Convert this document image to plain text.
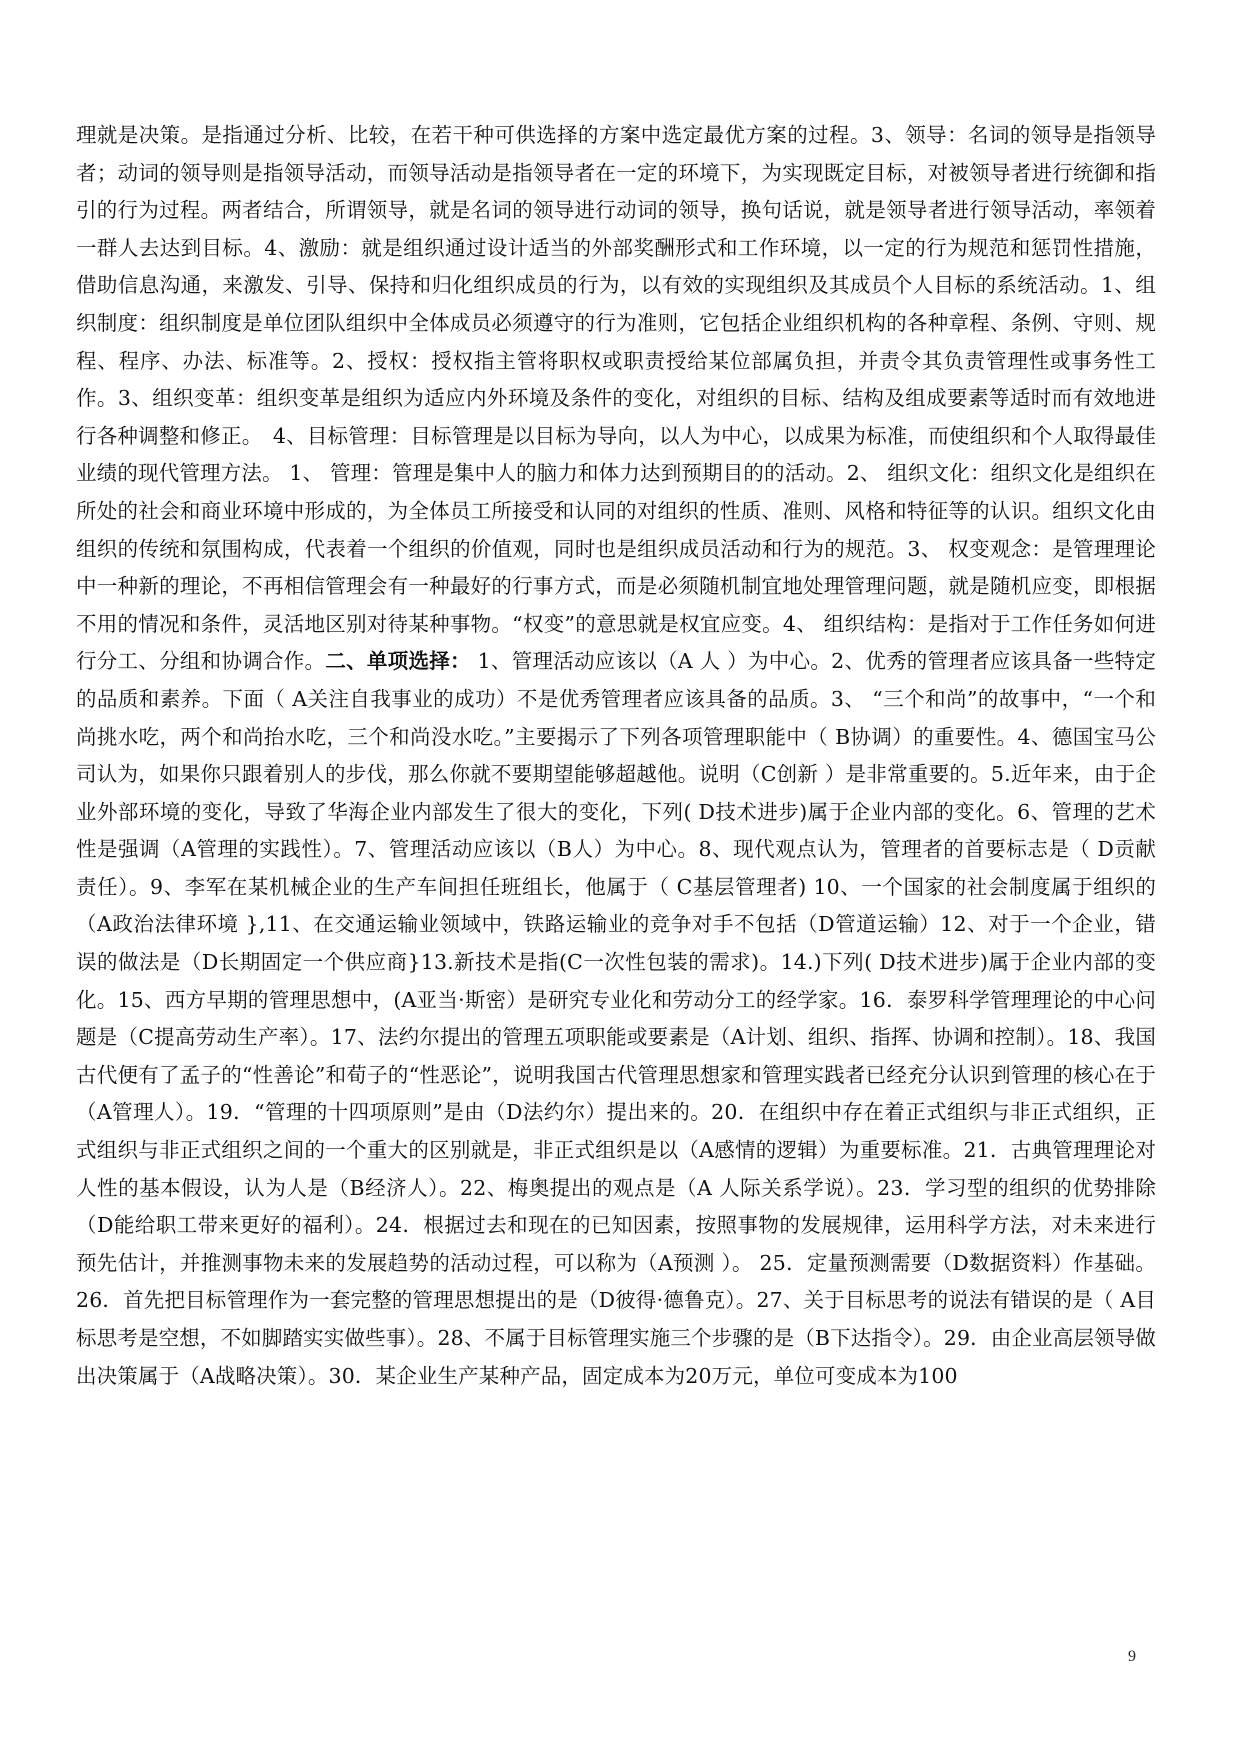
理就是决策。是指通过分析、比较，在若干种可供选择的方案中选定最优方案的过程。3、领导：名词的领导是指领导者；动词的领导则是指领导活动，而领导活动是指领导者在一定的环境下，为实现既定目标，对被领导者进行统御和指引的行为过程。两者结合，所谓领导，就是名词的领导进行动词的领导，换句话说，就是领导者进行领导活动，率领着一群人去达到目标。4、激励：就是组织通过设计适当的外部奖酬形式和工作环境，以一定的行为规范和惩罚性措施，借助信息沟通，来激发、引导、保持和归化组织成员的行为，以有效的实现组织及其成员个人目标的系统活动。1、组织制度：组织制度是单位团队组织中全体成员必须遵守的行为准则，它包括企业组织机构的各种章程、条例、守则、规程、程序、办法、标准等。2、授权：授权指主管将职权或职责授给某位部属负担，并责令其负责管理性或事务性工作。3、组织变革：组织变革是组织为适应内外环境及条件的变化，对组织的目标、结构及组成要素等适时而有效地进行各种调整和修正。　4、目标管理：目标管理是以目标为导向，以人为中心，以成果为标准，而使组织和个人取得最佳业绩的现代管理方法。 1、 管理：管理是集中人的脑力和体力达到预期目的的活动。2、 组织文化：组织文化是组织在所处的社会和商业环境中形成的，为全体员工所接受和认同的对组织的性质、准则、风格和特征等的认识。组织文化由组织的传统和氛围构成，代表着一个组织的价值观，同时也是组织成员活动和行为的规范。3、 权变观念：是管理理论中一种新的理论，不再相信管理会有一种最好的行事方式，而是必须随机制宜地处理管理问题，就是随机应变，即根据不用的情况和条件，灵活地区别对待某种事物。“权变”的意思就是权宜应变。4、 组织结构：是指对于工作任务如何进行分工、分组和协调合作。二、单项选择： 1、管理活动应该以（A 人 ）为中心。2、优秀的管理者应该具备一些特定的品质和素养。下面（ A关注自我事业的成功）不是优秀管理者应该具备的品质。3、 “三个和尚”的故事中，“一个和尚挑水吃，两个和尚抬水吃，三个和尚没水吃。”主要揭示了下列各项管理职能中（ B协调）的重要性。4、德国宝马公司认为，如果你只跟着别人的步伐，那么你就不要期望能够超越他。说明（C创新 ）是非常重要的。5.近年来，由于企业外部环境的变化，导致了华海企业内部发生了很大的变化，下列( D技术进步)属于企业内部的变化。6、管理的艺术性是强调（A管理的实践性）。7、管理活动应该以（B人）为中心。8、现代观点认为，管理者的首要标志是（ D贡献责任）。9、李军在某机械企业的生产车间担任班组长，他属于（ C基层管理者) 10、一个国家的社会制度属于组织的（A政治法律环境 },11、在交通运输业领域中，铁路运输业的竞争对手不包括（D管道运输）12、对于一个企业，错误的做法是（D长期固定一个供应商}13.新技术是指(C一次性包装的需求)。14.)下列( D技术进步)属于企业内部的变化。15、西方早期的管理思想中，(A亚当·斯密）是研究专业化和劳动分工的经学家。16．泰罗科学管理理论的中心问题是（C提高劳动生产率）。17、法约尔提出的管理五项职能或要素是（A计划、组织、指挥、协调和控制）。18、我国古代便有了孟子的“性善论”和荀子的“性恶论”，说明我国古代管理思想家和管理实践者已经充分认识到管理的核心在于（A管理人）。19．“管理的十四项原则”是由（D法约尔）提出来的。20．在组织中存在着正式组织与非正式组织，正式组织与非正式组织之间的一个重大的区别就是，非正式组织是以（A感情的逻辑）为重要标准。21．古典管理理论对人性的基本假设，认为人是（B经济人）。22、梅奥提出的观点是（A 人际关系学说）。23．学习型的组织的优势排除（D能给职工带来更好的福利）。24．根据过去和现在的已知因素，按照事物的发展规律，运用科学方法，对未来进行预先估计，并推测事物未来的发展趋势的活动过程，可以称为（A预测 ）。 25．定量预测需要（D数据资料）作基础。26．首先把目标管理作为一套完整的管理思想提出的是（D彼得·德鲁克）。27、关于目标思考的说法有错误的是（ A目标思考是空想，不如脚踏实实做些事）。28、不属于目标管理实施三个步骤的是（B下达指令）。29．由企业高层领导做出决策属于（A战略决策）。30．某企业生产某种产品，固定成本为20万元，单位可变成本为100

9
